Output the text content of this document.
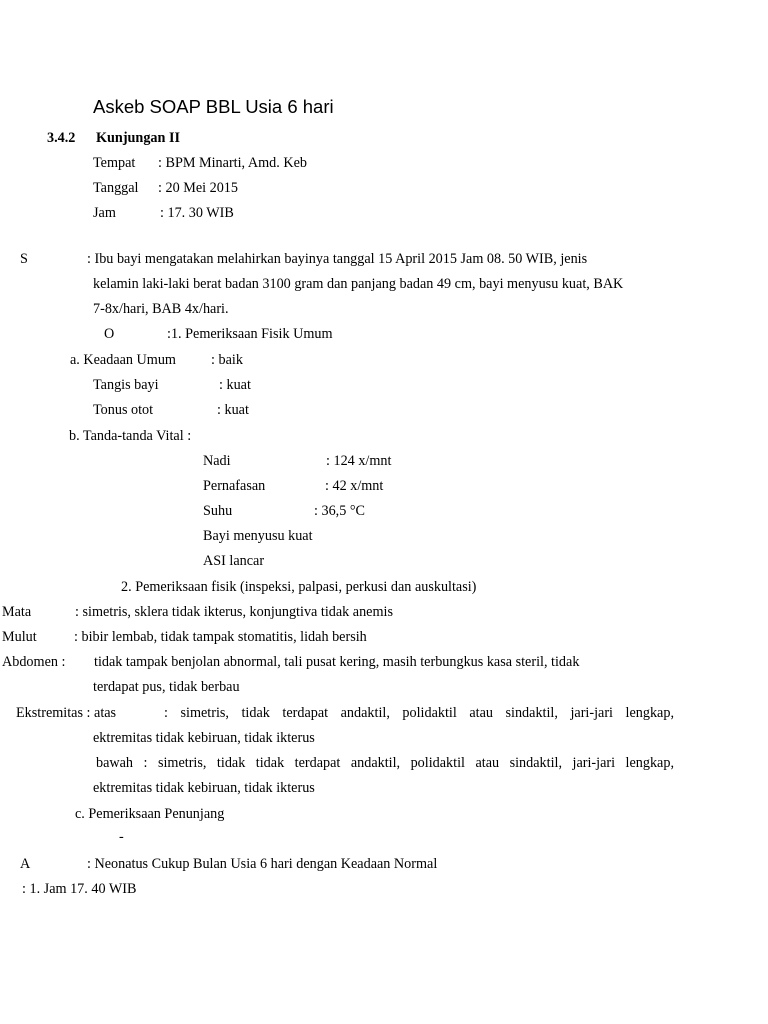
Askeb SOAP BBL Usia 6 hari
3.4.2 Kunjungan II
Tempat : BPM Minarti, Amd. Keb
Tanggal : 20 Mei 2015
Jam	: 17. 30 WIB
S	: Ibu bayi mengatakan melahirkan bayinya tanggal 15 April 2015 Jam 08. 50 WIB, jenis
kelamin laki-laki berat badan 3100 gram dan panjang badan 49 cm, bayi menyusu kuat, BAK
7-8x/hari, BAB 4x/hari.
O	:1. Pemeriksaan Fisik Umum
a. Keadaan Umum : baik
Tangis bayi	: kuat
Tonus otot	: kuat
b. Tanda-tanda Vital :
Nadi	: 124 x/mnt
Pernafasan	: 42 x/mnt
Suhu	: 36,5 °C
Bayi menyusu kuat
ASI lancar
2. Pemeriksaan fisik (inspeksi, palpasi, perkusi dan auskultasi)
Mata	: simetris, sklera tidak ikterus, konjungtiva tidak anemis
Mulut	: bibir lembab, tidak tampak stomatitis, lidah bersih
Abdomen : tidak tampak benjolan abnormal, tali pusat kering, masih terbungkus kasa steril, tidak
terdapat pus, tidak berbau
Ekstremitas : atas	: simetris, tidak terdapat andaktil, polidaktil atau sindaktil, jari-jari lengkap,
ektremitas tidak kebiruan, tidak ikterus
bawah : simetris, tidak tidak terdapat andaktil, polidaktil atau sindaktil, jari-jari lengkap,
ektremitas tidak kebiruan, tidak ikterus
c. Pemeriksaan Penunjang
-
A	: Neonatus Cukup Bulan Usia 6 hari dengan Keadaan Normal
: 1. Jam 17. 40 WIB
